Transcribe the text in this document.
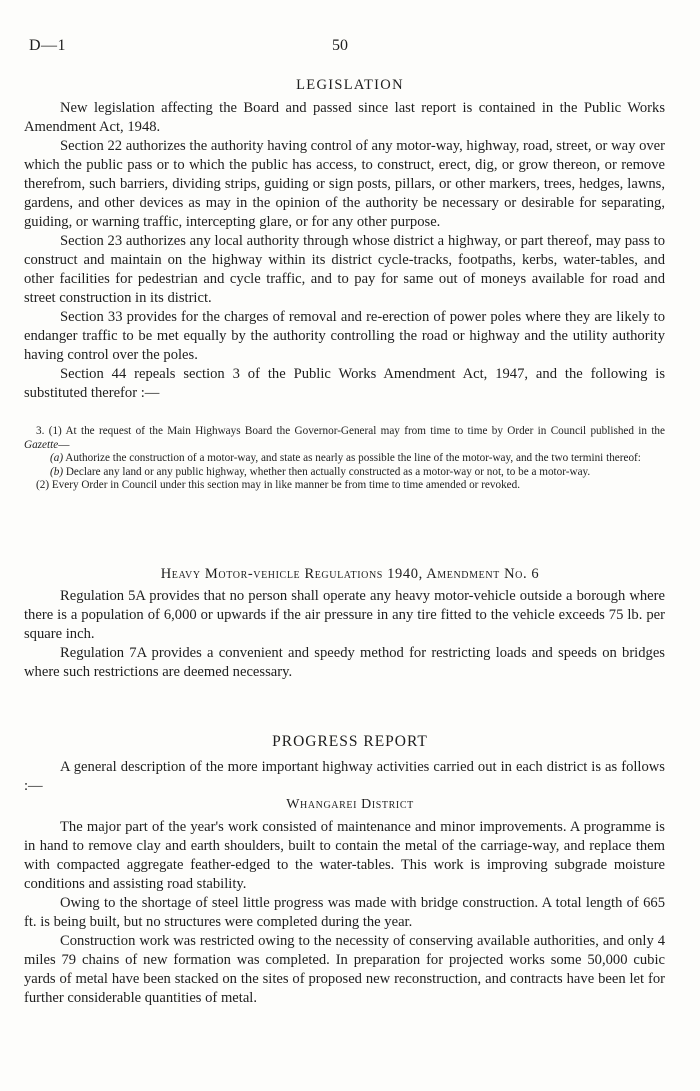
D—1	50
LEGISLATION

New legislation affecting the Board and passed since last report is contained in the Public Works Amendment Act, 1948.

Section 22 authorizes the authority having control of any motor-way, highway, road, street, or way over which the public pass or to which the public has access, to construct, erect, dig, or grow thereon, or remove therefrom, such barriers, dividing strips, guiding or sign posts, pillars, or other markers, trees, hedges, lawns, gardens, and other devices as may in the opinion of the authority be necessary or desirable for separating, guiding, or warning traffic, intercepting glare, or for any other purpose.

Section 23 authorizes any local authority through whose district a highway, or part thereof, may pass to construct and maintain on the highway within its district cycle-tracks, footpaths, kerbs, water-tables, and other facilities for pedestrian and cycle traffic, and to pay for same out of moneys available for road and street construction in its district.

Section 33 provides for the charges of removal and re-erection of power poles where they are likely to endanger traffic to be met equally by the authority controlling the road or highway and the utility authority having control over the poles.

Section 44 repeals section 3 of the Public Works Amendment Act, 1947, and the following is substituted therefor :—

3. (1) At the request of the Main Highways Board the Governor-General may from time to time by Order in Council published in the Gazette—

(a) Authorize the construction of a motor-way, and state as nearly as possible the line of the motor-way, and the two termini thereof:

(b) Declare any land or any public highway, whether then actually constructed as a motor-way or not, to be a motor-way.

(2) Every Order in Council under this section may in like manner be from time to time amended or revoked.

Heavy Motor-vehicle Regulations 1940, Amendment No. 6

Regulation 5A provides that no person shall operate any heavy motor-vehicle outside a borough where there is a population of 6,000 or upwards if the air pressure in any tire fitted to the vehicle exceeds 75 lb. per square inch.

Regulation 7A provides a convenient and speedy method for restricting loads and speeds on bridges where such restrictions are deemed necessary.

PROGRESS REPORT

A general description of the more important highway activities carried out in each district is as follows :—

Whangarei District

The major part of the year's work consisted of maintenance and minor improvements. A programme is in hand to remove clay and earth shoulders, built to contain the metal of the carriage-way, and replace them with compacted aggregate feather-edged to the water-tables. This work is improving subgrade moisture conditions and assisting road stability.

Owing to the shortage of steel little progress was made with bridge construction. A total length of 665 ft. is being built, but no structures were completed during the year.

Construction work was restricted owing to the necessity of conserving available authorities, and only 4 miles 79 chains of new formation was completed. In preparation for projected works some 50,000 cubic yards of metal have been stacked on the sites of proposed new reconstruction, and contracts have been let for further considerable quantities of metal.
